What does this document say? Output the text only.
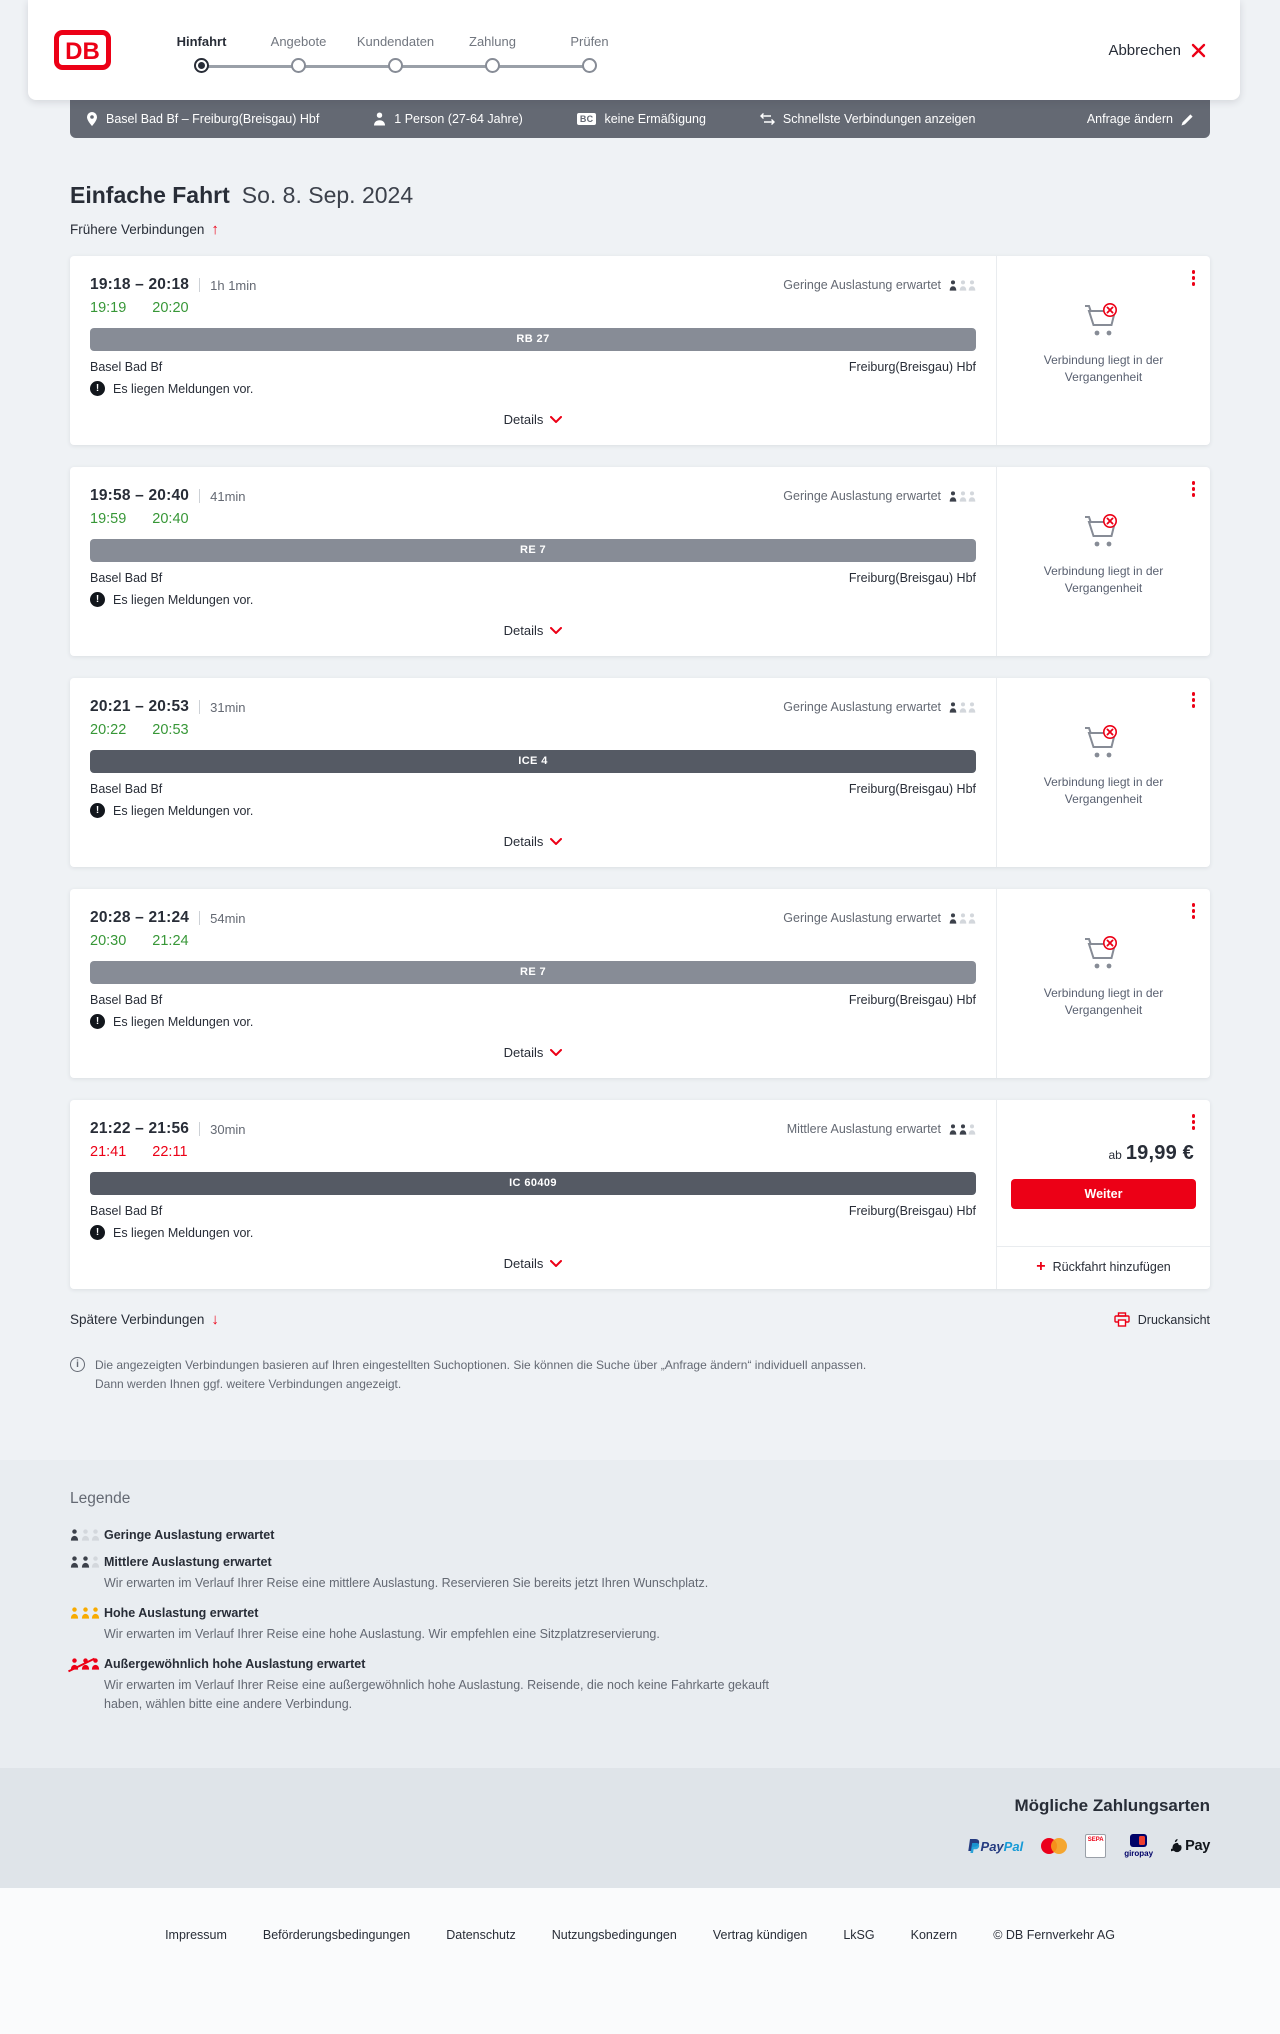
DB	Hinfahrt	Angebote Kundendaten	Zahlung	Prüfen
Abbrechen
Basel Bad Bf – Freiburg(Breisgau) Hbf	1 Person (27-64 Jahre)	BC keine Ermäßigung	Schnellste Verbindungen anzeigen	Anfrage ändern
Einfache Fahrt So. 8. Sep. 2024
Frühere Verbindungen ↑
19:18 – 20:18 1h 1min	Geringe Auslastung erwartet
19:19 20:20
RB 27
Basel Bad Bf	Freiburg(Breisgau) Hbf
!	Es liegen Meldungen vor.
Details
Verbindung liegt in der Vergangenheit
19:58 – 20:40 41min	Geringe Auslastung erwartet
19:59 20:40
RE 7
Basel Bad Bf	Freiburg(Breisgau) Hbf
!	Es liegen Meldungen vor.
Details
Verbindung liegt in der Vergangenheit
20:21 – 20:53 31min	Geringe Auslastung erwartet
20:22 20:53
ICE 4
Basel Bad Bf	Freiburg(Breisgau) Hbf
!	Es liegen Meldungen vor.
Details
Verbindung liegt in der Vergangenheit
20:28 – 21:24 54min	Geringe Auslastung erwartet
20:30 21:24
RE 7
Basel Bad Bf	Freiburg(Breisgau) Hbf
!	Es liegen Meldungen vor.
Details
Verbindung liegt in der Vergangenheit
21:22 – 21:56 30min	Mittlere Auslastung erwartet
21:41 22:11
IC 60409
Basel Bad Bf	Freiburg(Breisgau) Hbf
!	Es liegen Meldungen vor.
Details
ab 19,99 €
Weiter
+ Rückfahrt hinzufügen
Spätere Verbindungen ↓	Druckansicht
i	Die angezeigten Verbindungen basieren auf Ihren eingestellten Suchoptionen. Sie können die Suche über „Anfrage ändern“ individuell anpassen. Dann werden Ihnen ggf. weitere Verbindungen angezeigt.
Legende
Geringe Auslastung erwartet
Mittlere Auslastung erwartet
Wir erwarten im Verlauf Ihrer Reise eine mittlere Auslastung. Reservieren Sie bereits jetzt Ihren Wunschplatz.
Hohe Auslastung erwartet
Wir erwarten im Verlauf Ihrer Reise eine hohe Auslastung. Wir empfehlen eine Sitzplatzreservierung.
Außergewöhnlich hohe Auslastung erwartet
Wir erwarten im Verlauf Ihrer Reise eine außergewöhnlich hohe Auslastung. Reisende, die noch keine Fahrkarte gekauft haben, wählen bitte eine andere Verbindung.
Mögliche Zahlungsarten
PayPal	SEPA
giropay Pay
Impressum	Beförderungsbedingungen	Datenschutz	Nutzungsbedingungen	Vertrag kündigen	LkSG	Konzern	© DB Fernverkehr AG
